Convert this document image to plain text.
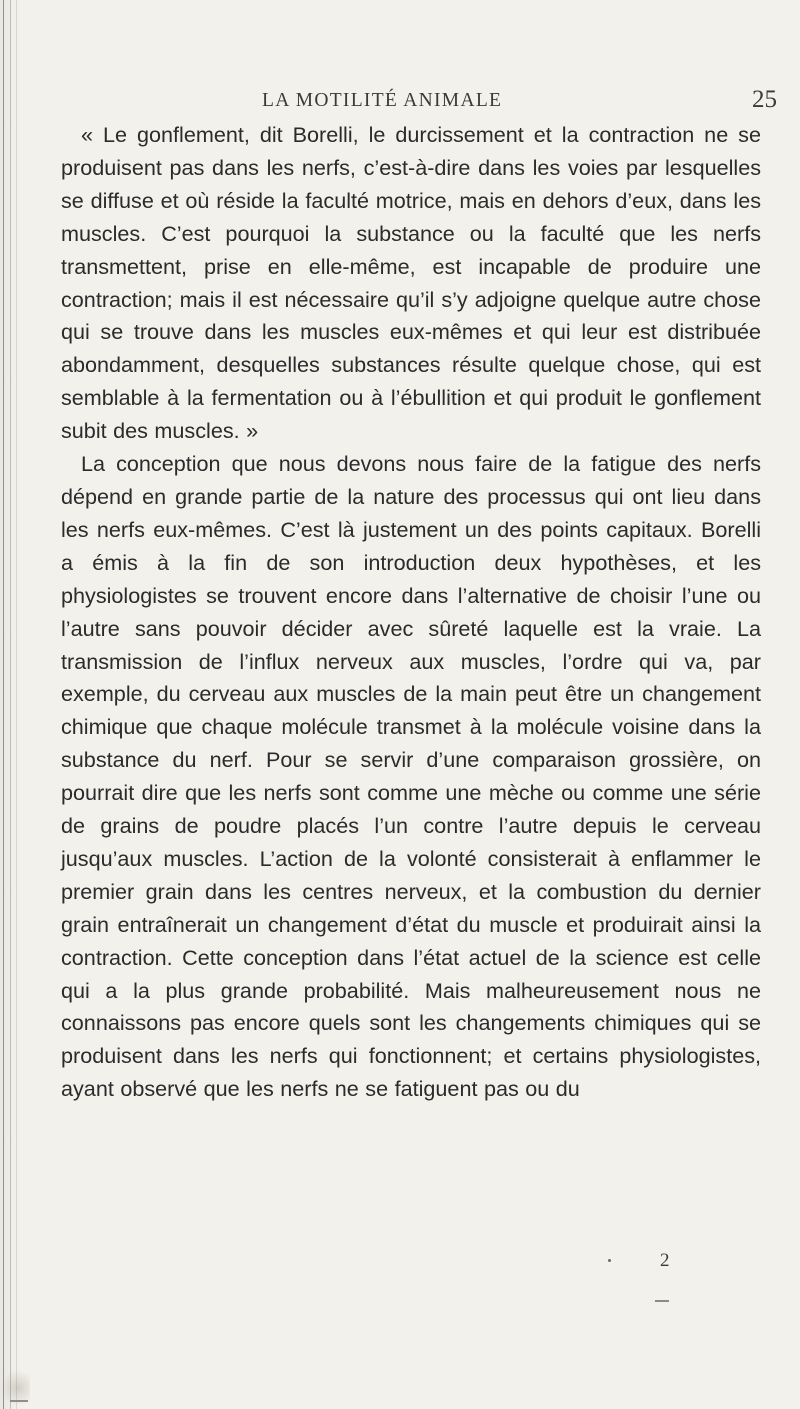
LA MOTILITÉ ANIMALE	25

« Le gonflement, dit Borelli, le durcissement et la contraction ne se produisent pas dans les nerfs, c’est-à-dire dans les voies par lesquelles se diffuse et où réside la faculté motrice, mais en dehors d’eux, dans les muscles. C’est pourquoi la substance ou la faculté que les nerfs transmettent, prise en elle-même, est incapable de produire une contraction; mais il est nécessaire qu’il s’y adjoigne quelque autre chose qui se trouve dans les muscles eux-mêmes et qui leur est distribuée abondamment, desquelles substances résulte quelque chose, qui est semblable à la fermentation ou à l’ébullition et qui produit le gonflement subit des muscles. »

La conception que nous devons nous faire de la fatigue des nerfs dépend en grande partie de la nature des processus qui ont lieu dans les nerfs eux-mêmes. C’est là justement un des points capitaux. Borelli a émis à la fin de son introduction deux hypothèses, et les physiologistes se trouvent encore dans l’alternative de choisir l’une ou l’autre sans pouvoir décider avec sûreté laquelle est la vraie. La transmission de l’influx nerveux aux muscles, l’ordre qui va, par exemple, du cerveau aux muscles de la main peut être un changement chimique que chaque molécule transmet à la molécule voisine dans la substance du nerf. Pour se servir d’une comparaison grossière, on pourrait dire que les nerfs sont comme une mèche ou comme une série de grains de poudre placés l’un contre l’autre depuis le cerveau jusqu’aux muscles. L’action de la volonté consisterait à enflammer le premier grain dans les centres nerveux, et la combustion du dernier grain entraînerait un changement d’état du muscle et produirait ainsi la contraction. Cette conception dans l’état actuel de la science est celle qui a la plus grande probabilité. Mais malheureusement nous ne connaissons pas encore quels sont les changements chimiques qui se produisent dans les nerfs qui fonctionnent; et certains physiologistes, ayant observé que les nerfs ne se fatiguent pas ou du

2
